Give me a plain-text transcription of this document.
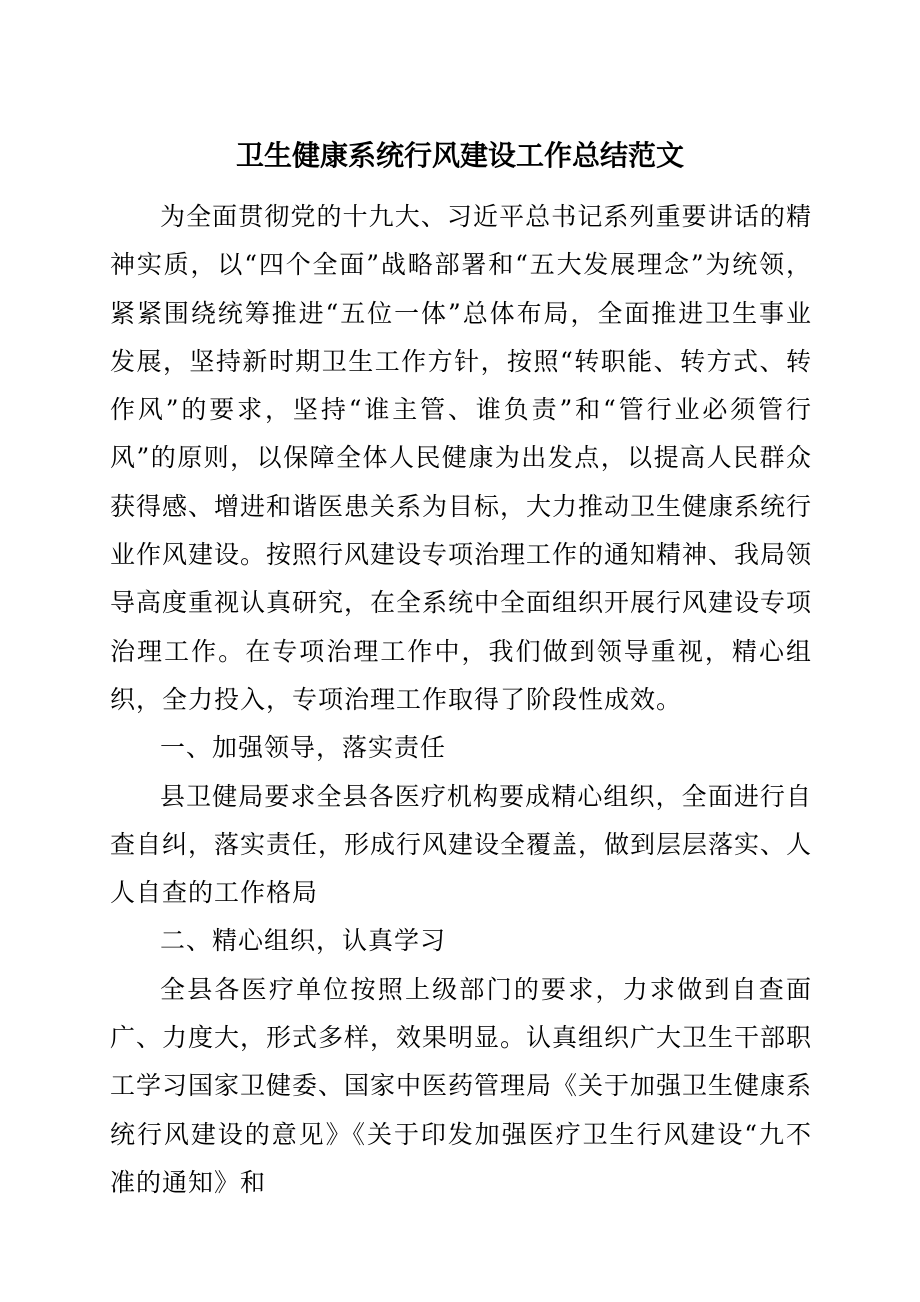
卫生健康系统行风建设工作总结范文

为全面贯彻党的十九大、习近平总书记系列重要讲话的精神实质，以“四个全面”战略部署和“五大发展理念”为统领，紧紧围绕统筹推进“五位一体”总体布局，全面推进卫生事业发展，坚持新时期卫生工作方针，按照“转职能、转方式、转作风”的要求，坚持“谁主管、谁负责”和“管行业必须管行风”的原则，以保障全体人民健康为出发点，以提高人民群众获得感、增进和谐医患关系为目标，大力推动卫生健康系统行业作风建设。按照行风建设专项治理工作的通知精神、我局领导高度重视认真研究，在全系统中全面组织开展行风建设专项治理工作。在专项治理工作中，我们做到领导重视，精心组织，全力投入，专项治理工作取得了阶段性成效。

一、加强领导，落实责任

县卫健局要求全县各医疗机构要成精心组织，全面进行自查自纠，落实责任，形成行风建设全覆盖，做到层层落实、人人自查的工作格局

二、精心组织，认真学习

全县各医疗单位按照上级部门的要求，力求做到自查面广、力度大，形式多样，效果明显。认真组织广大卫生干部职工学习国家卫健委、国家中医药管理局《关于加强卫生健康系统行风建设的意见》《关于印发加强医疗卫生行风建设“九不准的通知》和
